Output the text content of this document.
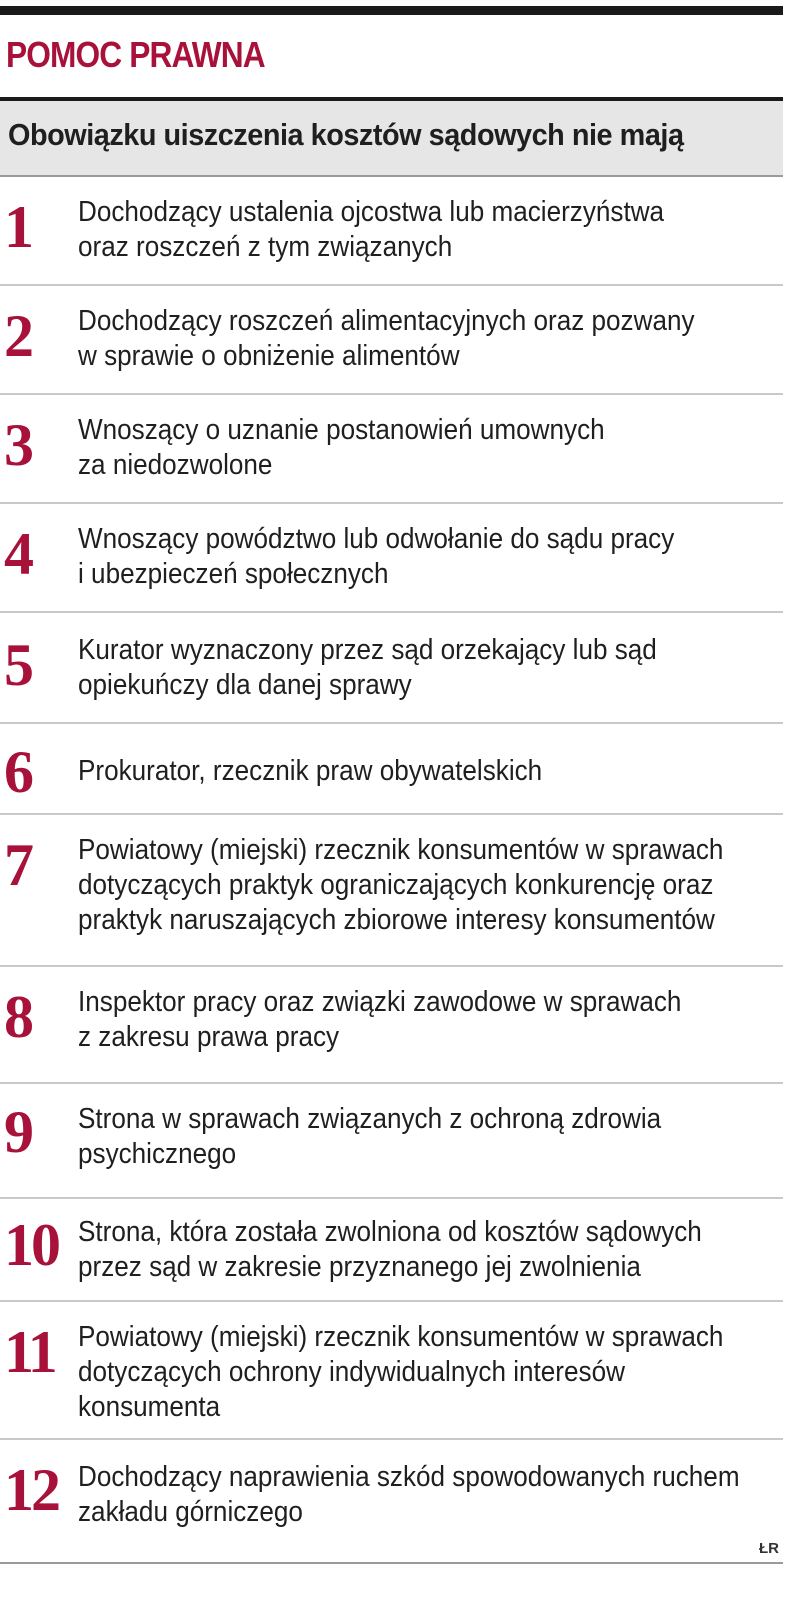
POMOC PRAWNA
Obowiązku uiszczenia kosztów sądowych nie mają
1 Dochodzący ustalenia ojcostwa lub macierzyństwa
oraz roszczeń z tym związanych
2 Dochodzący roszczeń alimentacyjnych oraz pozwany
w sprawie o obniżenie alimentów
3 Wnoszący o uznanie postanowień umownych
za niedozwolone
4 Wnoszący powództwo lub odwołanie do sądu pracy
i ubezpieczeń społecznych
5 Kurator wyznaczony przez sąd orzekający lub sąd
opiekuńczy dla danej sprawy
6 Prokurator, rzecznik praw obywatelskich
7 Powiatowy (miejski) rzecznik konsumentów w sprawach
dotyczących praktyk ograniczających konkurencję oraz
praktyk naruszających zbiorowe interesy konsumentów
8 Inspektor pracy oraz związki zawodowe w sprawach
z zakresu prawa pracy
9 Strona w sprawach związanych z ochroną zdrowia
psychicznego
10 Strona, która została zwolniona od kosztów sądowych
przez sąd w zakresie przyznanego jej zwolnienia
11 Powiatowy (miejski) rzecznik konsumentów w sprawach
dotyczących ochrony indywidualnych interesów
konsumenta
12 Dochodzący naprawienia szkód spowodowanych ruchem
zakładu górniczego
ŁR
